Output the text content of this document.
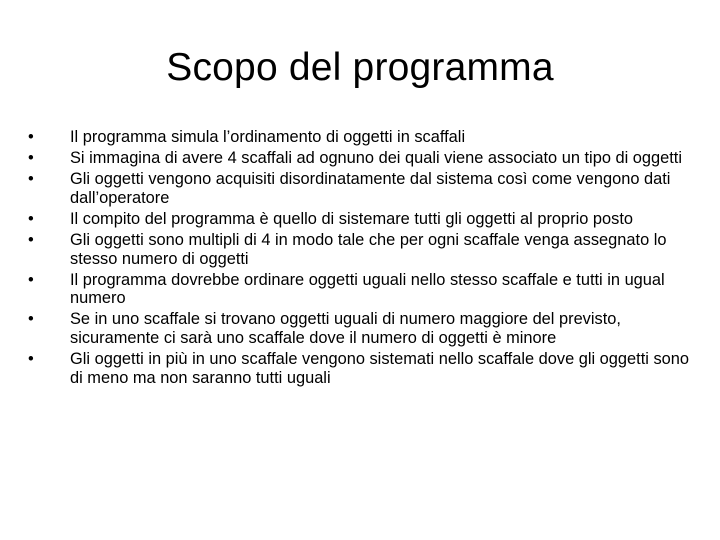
Scopo del programma
•	Il programma simula l’ordinamento di oggetti in scaffali
•	Si immagina di avere 4 scaffali ad ognuno dei quali viene associato un tipo di oggetti
•	Gli oggetti vengono acquisiti disordinatamente dal sistema così come vengono dati dall’operatore
•	Il compito del programma è quello di sistemare tutti gli oggetti al proprio posto
•	Gli oggetti sono multipli di 4 in modo tale che per ogni scaffale venga assegnato lo stesso numero di oggetti
•	Il programma dovrebbe ordinare oggetti uguali nello stesso scaffale e tutti in ugual numero
•	Se in uno scaffale si trovano oggetti uguali di numero maggiore del previsto, sicuramente ci sarà uno scaffale dove il numero di oggetti è minore
•	Gli oggetti in più in uno scaffale vengono sistemati nello scaffale dove gli oggetti sono di meno ma non saranno tutti uguali
